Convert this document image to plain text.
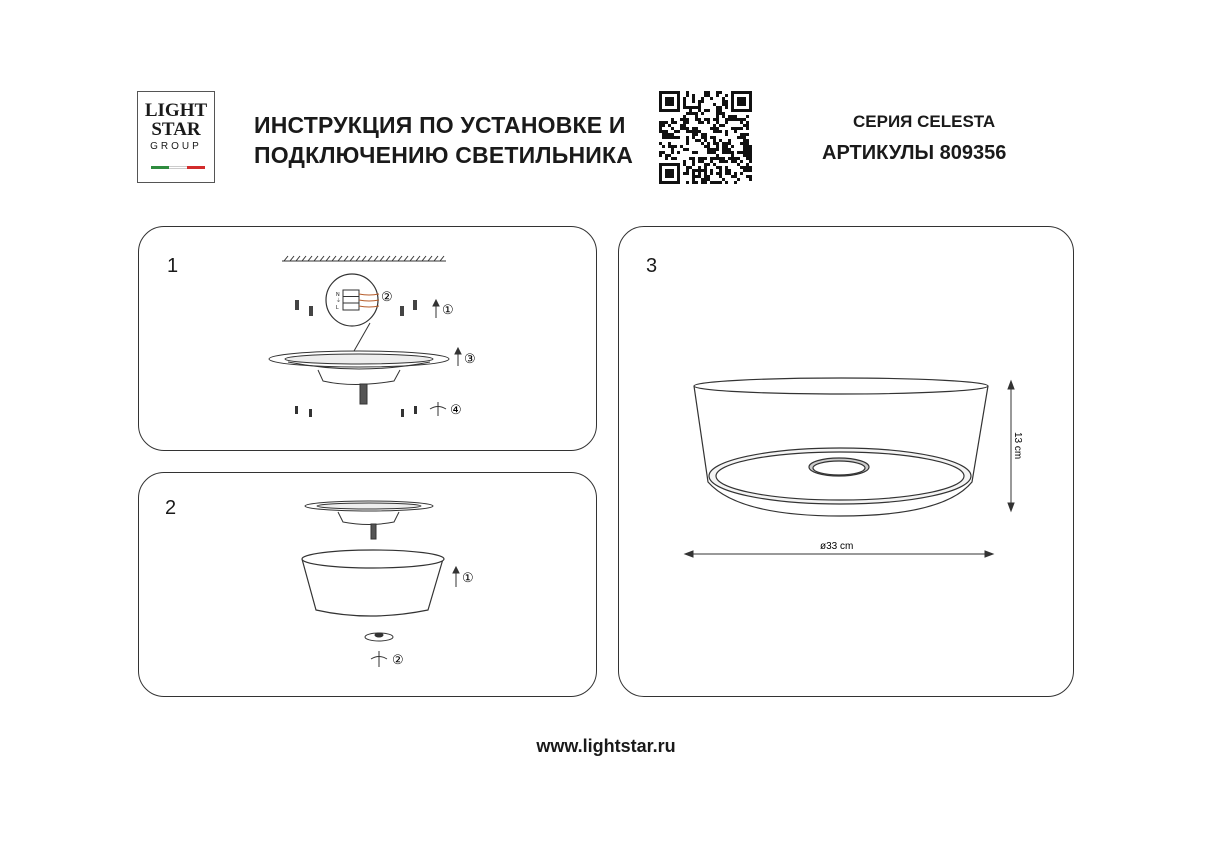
LIGHT
STAR
GROUP
ИНСТРУКЦИЯ ПО УСТАНОВКЕ И
ПОДКЛЮЧЕНИЮ СВЕТИЛЬНИКА
СЕРИЯ CELESTA
АРТИКУЛЫ 809356
1
N
⏚
L
②
①
③
④
2
①
②
3
13 cm
ø33 cm
www.lightstar.ru
